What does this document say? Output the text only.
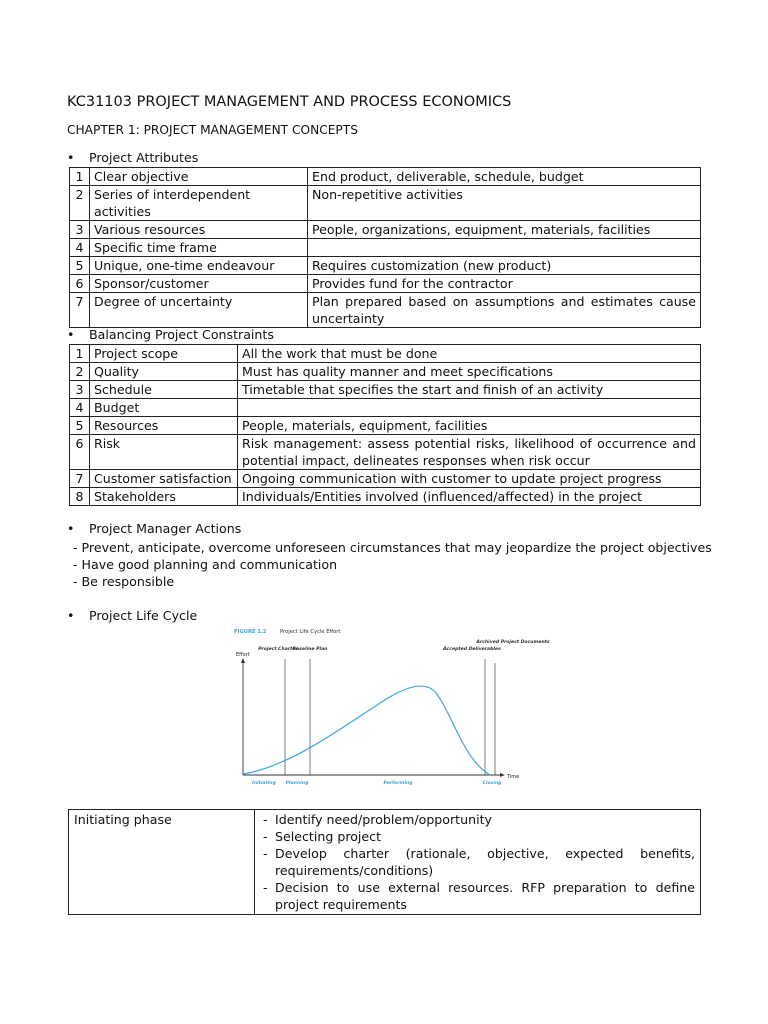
KC31103 PROJECT MANAGEMENT AND PROCESS ECONOMICS
CHAPTER 1: PROJECT MANAGEMENT CONCEPTS
• Project Attributes
1	Clear objective	End product, deliverable, schedule, budget
2	Series of interdependent activities	Non-repetitive activities
3	Various resources	People, organizations, equipment, materials, facilities
4	Specific time frame	
5	Unique, one-time endeavour	Requires customization (new product)
6	Sponsor/customer	Provides fund for the contractor
7	Degree of uncertainty	Plan prepared based on assumptions and estimates cause uncertainty
• Balancing Project Constraints
1	Project scope	All the work that must be done
2	Quality	Must has quality manner and meet specifications
3	Schedule	Timetable that specifies the start and finish of an activity
4	Budget	
5	Resources	People, materials, equipment, facilities
6	Risk	Risk management: assess potential risks, likelihood of occurrence and potential impact, delineates responses when risk occur
7	Customer satisfaction	Ongoing communication with customer to update project progress
8	Stakeholders	Individuals/Entities involved (influenced/affected) in the project
• Project Manager Actions
- Prevent, anticipate, overcome unforeseen circumstances that may jeopardize the project objectives
- Have good planning and communication
- Be responsible
• Project Life Cycle
FIGURE 1.2	Project Life Cycle Effort
Effort
Time
Project Charter
Baseline Plan	Accepted Deliverables
Archived Project Documents
Initiating Planning	Performing	Closing
Initiating phase	- Identify need/problem/opportunity
- Selecting project
- Develop charter (rationale, objective, expected benefits, requirements/conditions)
- Decision to use external resources. RFP preparation to define project requirements
